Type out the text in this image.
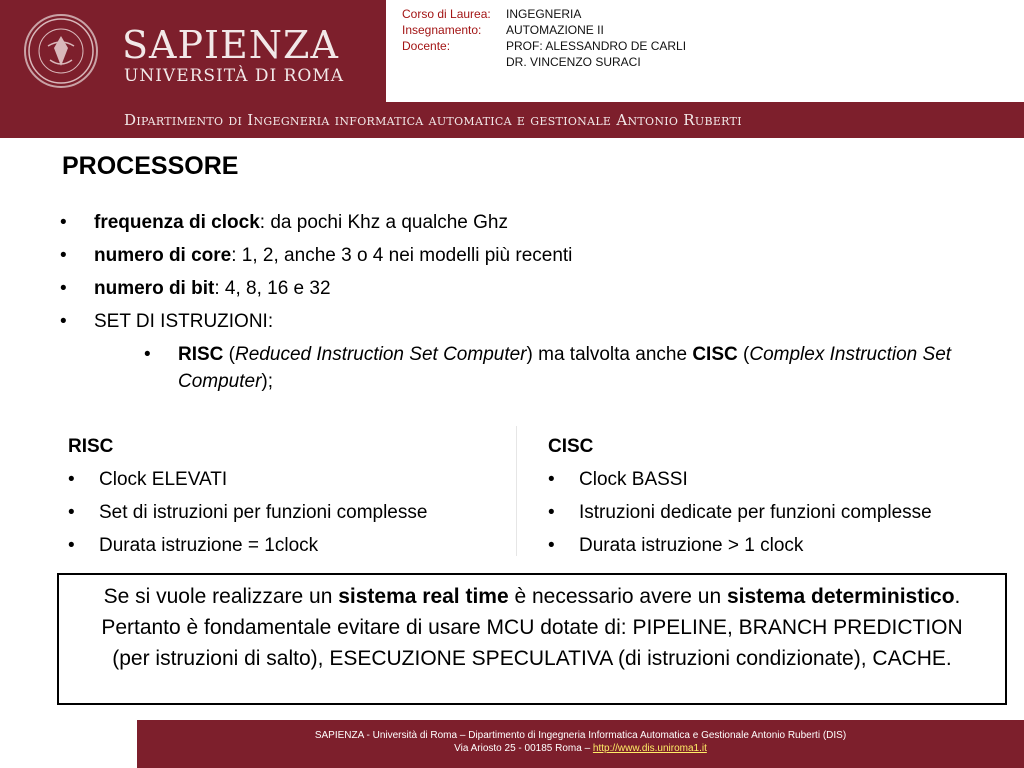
SAPIENZA
UNIVERSITÀ DI ROMA
Corso di Laurea:	INGEGNERIA
Insegnamento:	AUTOMAZIONE II
Docente:	PROF: ALESSANDRO DE CARLI
DR. VINCENZO SURACI
Dipartimento di Ingegneria informatica automatica e gestionale Antonio Ruberti
PROCESSORE
•	frequenza di clock: da pochi Khz a qualche Ghz
•	numero di core: 1, 2, anche 3 o 4 nei modelli più recenti
•	numero di bit: 4, 8, 16 e 32
•	SET DI ISTRUZIONI:
•	RISC (Reduced Instruction Set Computer) ma talvolta anche CISC (Complex Instruction Set Computer);
RISC
•	Clock ELEVATI
•	Set di istruzioni per funzioni complesse
•	Durata istruzione = 1clock
CISC
•	Clock BASSI
•	Istruzioni dedicate per funzioni complesse
•	Durata istruzione > 1 clock
Se si vuole realizzare un sistema real time è necessario avere un sistema deterministico. Pertanto è fondamentale evitare di usare MCU dotate di: PIPELINE, BRANCH PREDICTION (per istruzioni di salto), ESECUZIONE SPECULATIVA (di istruzioni condizionate), CACHE.
SAPIENZA - Università di Roma – Dipartimento di Ingegneria Informatica Automatica e Gestionale Antonio Ruberti (DIS)
Via Ariosto 25 - 00185 Roma – http://www.dis.uniroma1.it
